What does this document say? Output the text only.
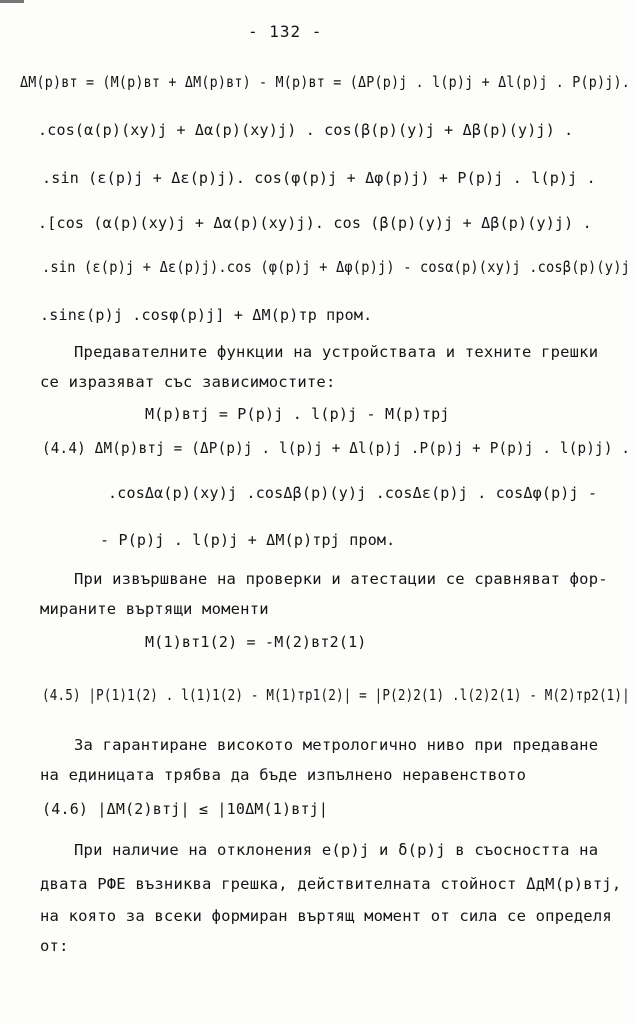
- 132 -
ΔM(p)вт = (M(p)вт + ΔM(p)вт) - M(p)вт = (ΔP(p)j . l(p)j + Δl(p)j . P(p)j).
.cos(α(p)(xy)j + Δα(p)(xy)j) . cos(β(p)(y)j + Δβ(p)(y)j) .
.sin (ε(p)j + Δε(p)j). cos(φ(p)j + Δφ(p)j) + P(p)j . l(p)j .
.[cos (α(p)(xy)j + Δα(p)(xy)j). cos (β(p)(y)j + Δβ(p)(y)j) .
.sin (ε(p)j + Δε(p)j).cos (φ(p)j + Δφ(p)j) - cosα(p)(xy)j .cosβ(p)(y)j
.sinε(p)j .cosφ(p)j] + ΔM(p)тр пром.
Предавателните функции на устройствата и техните грешки
се изразяват със зависимостите:
M(p)втj = P(p)j . l(p)j - M(p)трj
(4.4) ΔM(p)втj = (ΔP(p)j . l(p)j + Δl(p)j .P(p)j + P(p)j . l(p)j) .
.cosΔα(p)(xy)j .cosΔβ(p)(y)j .cosΔε(p)j . cosΔφ(p)j -
- P(p)j . l(p)j + ΔM(p)трj пром.
При извършване на проверки и атестации се сравняват фор-
мираните въртящи моменти
M(1)вт1(2) = -M(2)вт2(1)
(4.5) |P(1)1(2) . l(1)1(2) - M(1)тр1(2)| = |P(2)2(1) .l(2)2(1) - M(2)тр2(1)|
За гарантиране високото метрологично ниво при предаване
на единицата трябва да бъде изпълнено неравенството
(4.6) |ΔM(2)втj| ≤ |10ΔM(1)втj|
При наличие на отклонения e(p)j и δ(p)j в съосността на
двата РФЕ възниква грешка, действителната стойност ΔдM(p)втj,
на която за всеки формиран въртящ момент от сила се определя
от:
